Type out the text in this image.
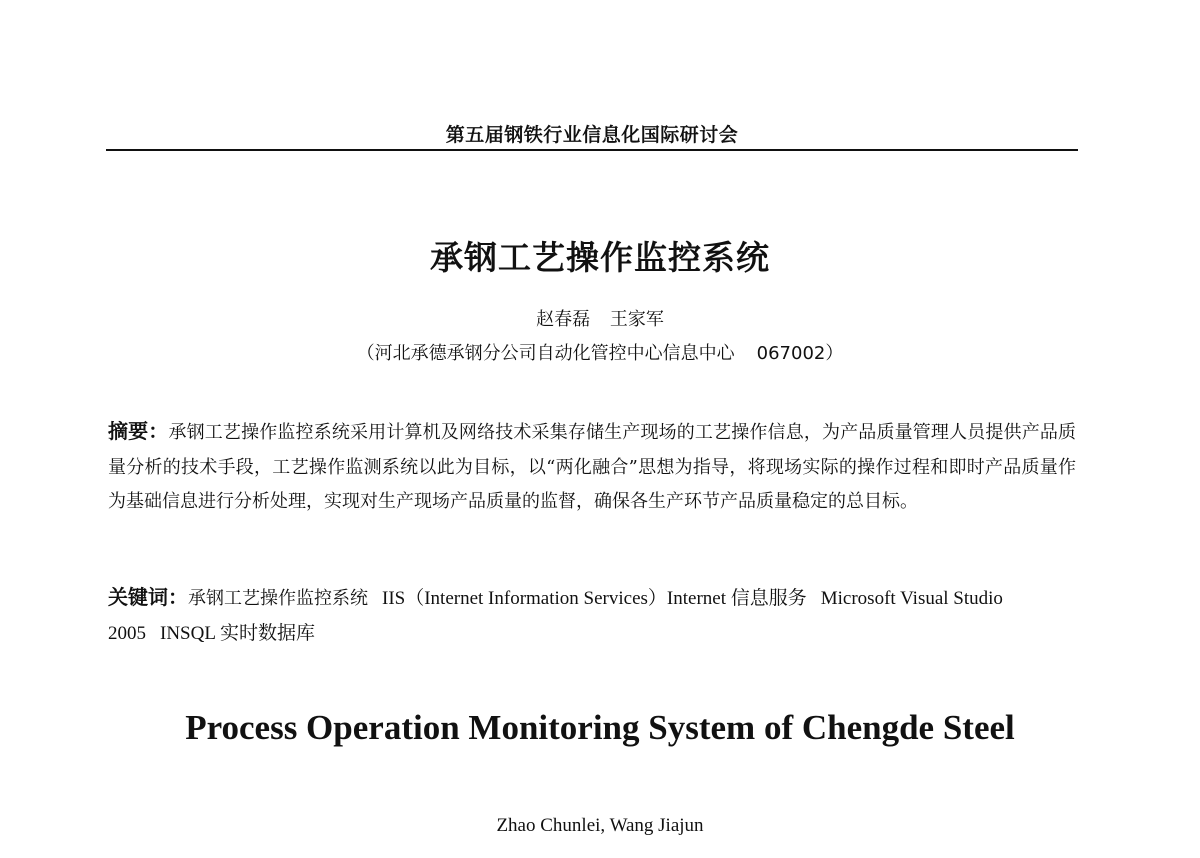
第五届钢铁行业信息化国际研讨会
承钢工艺操作监控系统
赵春磊 王家军
（河北承德承钢分公司自动化管控中心信息中心 067002）
摘要：承钢工艺操作监控系统采用计算机及网络技术采集存储生产现场的工艺操作信息，为产品质量管理人员提供产品质量分析的技术手段，工艺操作监测系统以此为目标，以“两化融合”思想为指导，将现场实际的操作过程和即时产品质量作为基础信息进行分析处理，实现对生产现场产品质量的监督，确保各生产环节产品质量稳定的总目标。
关键词：承钢工艺操作监控系统 IIS（Internet Information Services）Internet 信息服务 Microsoft Visual Studio 2005 INSQL 实时数据库
Process Operation Monitoring System of Chengde Steel
Zhao Chunlei, Wang Jiajun
